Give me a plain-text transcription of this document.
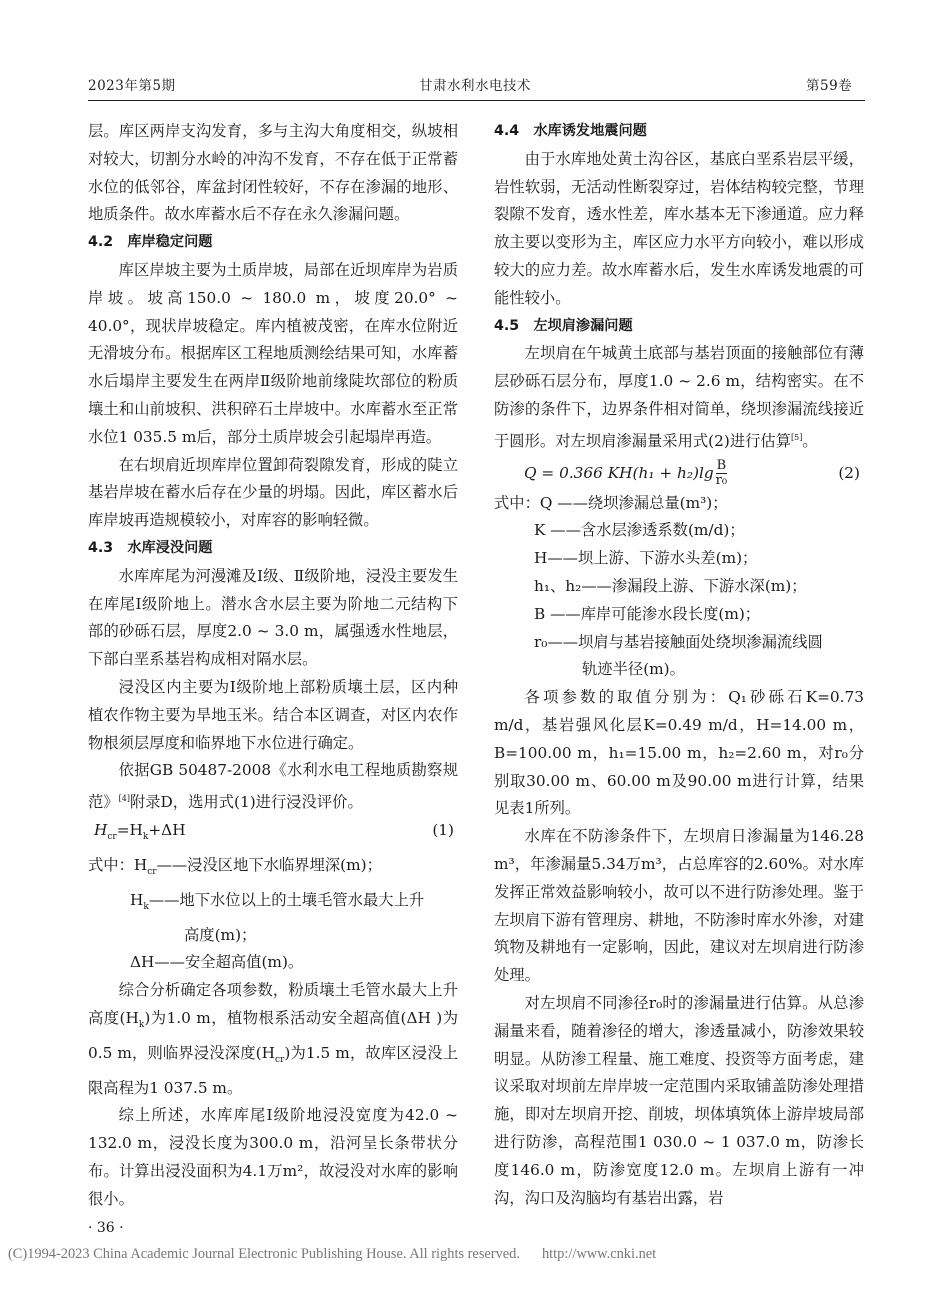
2023年第5期	甘肃水利水电技术	第59卷

层。库区两岸支沟发育，多与主沟大角度相交，纵坡相对较大，切割分水岭的冲沟不发育，不存在低于正常蓄水位的低邻谷，库盆封闭性较好，不存在渗漏的地形、地质条件。故水库蓄水后不存在永久渗漏问题。

4.2　库岸稳定问题

库区岸坡主要为土质岸坡，局部在近坝库岸为岩质岸坡。坡高150.0 ~ 180.0 m，坡度20.0° ~ 40.0°，现状岸坡稳定。库内植被茂密，在库水位附近无滑坡分布。根据库区工程地质测绘结果可知，水库蓄水后塌岸主要发生在两岸Ⅱ级阶地前缘陡坎部位的粉质壤土和山前坡积、洪积碎石土岸坡中。水库蓄水至正常水位1 035.5 m后，部分土质岸坡会引起塌岸再造。

在右坝肩近坝库岸位置卸荷裂隙发育，形成的陡立基岩岸坡在蓄水后存在少量的坍塌。因此，库区蓄水后库岸坡再造规模较小，对库容的影响轻微。

4.3　水库浸没问题

水库库尾为河漫滩及Ⅰ级、Ⅱ级阶地，浸没主要发生在库尾Ⅰ级阶地上。潜水含水层主要为阶地二元结构下部的砂砾石层，厚度2.0 ~ 3.0 m，属强透水性地层，下部白垩系基岩构成相对隔水层。

浸没区内主要为Ⅰ级阶地上部粉质壤土层，区内种植农作物主要为旱地玉米。结合本区调查，对区内农作物根须层厚度和临界地下水位进行确定。

依据GB 50487-2008《水利水电工程地质勘察规范》[4]附录D，选用式(1)进行浸没评价。

$H_{cr}=H_k+\Delta H$	(1)

式中：$H_{cr}——$浸没区地下水临界埋深(m)；

$H_k——$地下水位以上的土壤毛管水最大上升

高度(m)；

ΔH——安全超高值(m)。

综合分析确定各项参数，粉质壤土毛管水最大上升高度$(H_k)$为1.0 m，植物根系活动安全超高值(ΔH )为0.5 m，则临界浸没深度$(H_{cr})$为1.5 m，故库区浸没上限高程为1 037.5 m。

综上所述，水库库尾Ⅰ级阶地浸没宽度为42.0 ~ 132.0 m，浸没长度为300.0 m，沿河呈长条带状分布。计算出浸没面积为4.1万m²，故浸没对水库的影响很小。

4.4　水库诱发地震问题

由于水库地处黄土沟谷区，基底白垩系岩层平缓，岩性软弱，无活动性断裂穿过，岩体结构较完整，节理裂隙不发育，透水性差，库水基本无下渗通道。应力释放主要以变形为主，库区应力水平方向较小，难以形成较大的应力差。故水库蓄水后，发生水库诱发地震的可能性较小。

4.5　左坝肩渗漏问题

左坝肩在午城黄土底部与基岩顶面的接触部位有薄层砂砾石层分布，厚度1.0 ~ 2.6 m，结构密实。在不防渗的条件下，边界条件相对简单，绕坝渗漏流线接近于圆形。对左坝肩渗漏量采用式(2)进行估算[5]。

Q = 0.366 $KH(h_1 + h_2)\lg \frac{B}{\text{r₀}}$	(2)

式中：Q ——绕坝渗漏总量(m³)；

K ——含水层渗透系数(m/d)；

H——坝上游、下游水头差(m)；

h₁、h₂——渗漏段上游、下游水深(m)；

B ——库岸可能渗水段长度(m)；

r₀——坝肩与基岩接触面处绕坝渗漏流线圆

轨迹半径(m)。

各项参数的取值分别为：Q₁砂砾石K=0.73 m/d，基岩强风化层K=0.49 m/d，H=14.00 m，B=100.00 m，h₁=15.00 m，h₂=2.60 m，对r₀分别取30.00 m、60.00 m及90.00 m进行计算，结果见表1所列。

水库在不防渗条件下，左坝肩日渗漏量为146.28 m³，年渗漏量5.34万m³，占总库容的2.60%。对水库发挥正常效益影响较小，故可以不进行防渗处理。鉴于左坝肩下游有管理房、耕地，不防渗时库水外渗，对建筑物及耕地有一定影响，因此，建议对左坝肩进行防渗处理。

对左坝肩不同渗径r₀时的渗漏量进行估算。从总渗漏量来看，随着渗径的增大，渗透量减小，防渗效果较明显。从防渗工程量、施工难度、投资等方面考虑，建议采取对坝前左岸岸坡一定范围内采取铺盖防渗处理措施，即对左坝肩开挖、削坡，坝体填筑体上游岸坡局部进行防渗，高程范围1 030.0 ~ 1 037.0 m，防渗长度146.0 m，防渗宽度12.0 m。左坝肩上游有一冲沟，沟口及沟脑均有基岩出露，岩

· 36 ·
(C)1994-2023 China Academic Journal Electronic Publishing House. All rights reserved. http://www.cnki.net
